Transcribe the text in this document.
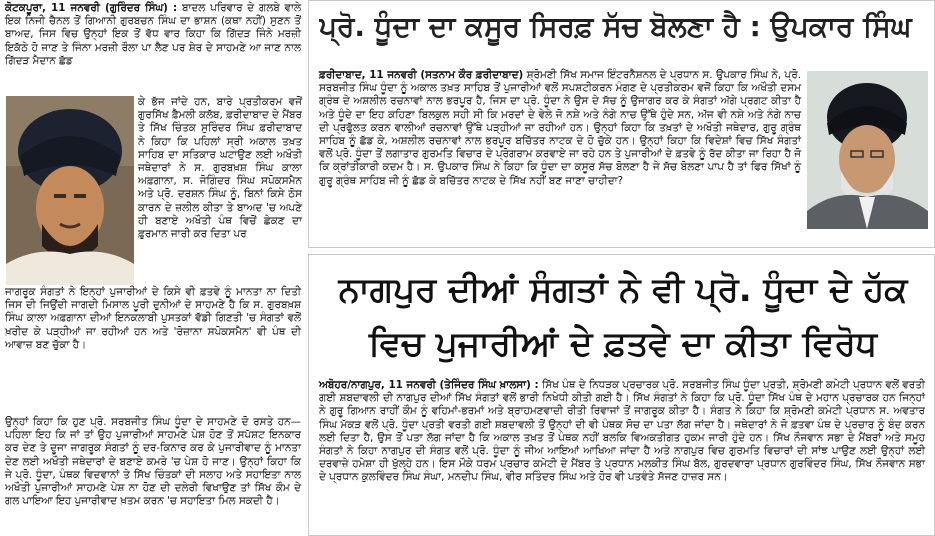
ਕੋਟਕਪੂਰਾ, 11 ਜਨਵਰੀ (ਗੁਰਿੰਦਰ ਸਿੰਘ) : ਬਾਦਲ ਪਰਿਵਾਰ ਦੇ ਗਲਬੇ ਵਾਲੇ ਇਕ ਨਿਜੀ ਚੈਨਲ ਤੋਂ ਗਿਆਨੀ ਗੁਰਬਚਨ ਸਿੰਘ ਦਾ ਭਾਸ਼ਨ (ਕਥਾ ਨਹੀਂ) ਸੁਣਨ ਤੋਂ ਬਾਅਦ, ਜਿਸ ਵਿਚ ਉਨ੍ਹਾਂ ਇਕ ਤੋਂ ਵੱਧ ਵਾਰ ਕਿਹਾ ਕਿ ਗਿੱਦੜ ਜਿੰਨੇ ਮਰਜ਼ੀ ਇਕੱਠੇ ਹੋ ਜਾਣ ਤੇ ਜਿੰਨਾ ਮਰਜ਼ੀ ਰੌਲਾ ਪਾ ਲੈਣ ਪਰ ਸ਼ੇਰ ਦੇ ਸਾਹਮਣੇ ਆ ਜਾਣ ਨਾਲ ਗਿੱਦੜ ਮੈਦਾਨ ਛੱਡ

ਕੇ ਭੱਜ ਜਾਂਦੇ ਹਨ, ਬਾਰੇ ਪ੍ਰਤੀਕਰਮ ਵਜੋਂ ਗੁਰਸਿੱਖ ਫ਼ੈਮਲੀ ਕਲੱਬ, ਫ਼ਰੀਦਾਬਾਦ ਦੇ ਮੈਂਬਰ ਤੇ ਸਿੱਖ ਚਿੰਤਕ ਸੁਰਿੰਦਰ ਸਿੰਘ ਫ਼ਰੀਦਾਬਾਦ ਨੇ ਕਿਹਾ ਕਿ ਪਹਿਲਾਂ ਸ੍ਰੀ ਅਕਾਲ ਤਖ਼ਤ ਸਾਹਿਬ ਦਾ ਸਤਿਕਾਰ ਘਟਾਉਣ ਲਈ ਅਖੌਤੀ ਜਥੇਦਾਰਾਂ ਨੇ ਸ. ਗੁਰਬਖ਼ਸ਼ ਸਿੰਘ ਕਾਲਾ ਅਫ਼ਗਾਨਾ, ਸ. ਜੋਗਿੰਦਰ ਸਿੰਘ ਸਪੋਕਸਮੈਨ ਅਤੇ ਪ੍ਰੋ. ਦਰਸ਼ਨ ਸਿੰਘ ਨੂੰ, ਬਿਨਾਂ ਕਿਸੇ ਠੋਸ ਕਾਰਨ ਦੇ ਜ਼ਲੀਲ ਕੀਤਾ ਤੇ ਬਾਅਦ 'ਚ ਅਪਣੇ ਹੀ ਬਣਾਏ ਅਖੌਤੀ ਪੰਥ ਵਿਚੋਂ ਛੇਕਣ ਦਾ ਫ਼ੁਰਮਾਨ ਜਾਰੀ ਕਰ ਦਿਤਾ ਪਰ

ਜਾਗਰੂਕ ਸੰਗਤਾਂ ਨੇ ਇਨ੍ਹਾਂ ਪੁਜਾਰੀਆਂ ਦੇ ਕਿਸੇ ਵੀ ਫ਼ਤਵੇ ਨੂੰ ਮਾਨਤਾ ਨਾ ਦਿਤੀ ਜਿਸ ਦੀ ਜਿਉਂਦੀ ਜਾਗਦੀ ਮਿਸਾਲ ਪੂਰੀ ਦੁਨੀਆਂ ਦੇ ਸਾਹਮਣੇ ਹੈ ਕਿ ਸ. ਗੁਰਬਖ਼ਸ਼ ਸਿੰਘ ਕਾਲਾ ਅਫ਼ਗਾਨਾ ਦੀਆਂ ਇਨਕਲਾਬੀ ਪੁਸਤਕਾਂ ਵੱਡੀ ਗਿਣਤੀ 'ਚ ਸੰਗਤਾਂ ਵਲੋਂ ਖ਼ਰੀਦ ਕੇ ਪੜ੍ਹੀਆਂ ਜਾ ਰਹੀਆਂ ਹਨ ਅਤੇ 'ਰੋਜ਼ਾਨਾ ਸਪੋਕਸਮੈਨ' ਵੀ ਪੰਥ ਦੀ ਆਵਾਜ਼ ਬਣ ਚੁੱਕਾ ਹੈ।

ਉਨ੍ਹਾਂ ਕਿਹਾ ਕਿ ਹੁਣ ਪ੍ਰੋ. ਸਰਬਜੀਤ ਸਿੰਘ ਧੂੰਦਾ ਦੇ ਸਾਹਮਣੇ ਦੋ ਰਸਤੇ ਹਨ—ਪਹਿਲਾ ਇਹ ਕਿ ਜਾਂ ਤਾਂ ਉਹ ਪੁਜਾਰੀਆਂ ਸਾਹਮਣੇ ਪੇਸ਼ ਹੋਣ ਤੋਂ ਸਪੱਸ਼ਟ ਇਨਕਾਰ ਕਰ ਦੇਣ ਤੇ ਦੂਜਾ ਜਾਗਰੂਕ ਸੰਗਤਾਂ ਨੂੰ ਦਰ-ਕਿਨਾਰ ਕਰ ਕੇ ਪੁਜਾਰੀਵਾਦ ਨੂੰ ਮਾਨਤਾ ਦੇਣ ਲਈ ਅਖੌਤੀ ਜਥੇਦਾਰਾਂ ਦੇ ਬਣਾਏ ਕਮਰੇ 'ਚ ਪੇਸ਼ ਹੋ ਜਾਣ। ਉਨ੍ਹਾਂ ਕਿਹਾ ਕਿ ਜੇ ਪ੍ਰੋ. ਧੂੰਦਾ, ਪੰਥਕ ਵਿਦਵਾਨਾਂ ਤੇ ਸਿੱਖ ਚਿੰਤਕਾਂ ਦੀ ਸਲਾਹ ਅਤੇ ਸਹਾਇਤਾ ਨਾਲ ਅਖੌਤੀ ਪੁਜਾਰੀਆਂ ਸਾਹਮਣੇ ਪੇਸ਼ ਨਾ ਹੋਣ ਦੀ ਦਲੇਰੀ ਵਿਖਾਉਣ ਤਾਂ ਸਿੱਖ ਕੌਮ ਦੇ ਗਲ ਪਾਇਆ ਇਹ ਪੁਜਾਰੀਵਾਦ ਖ਼ਤਮ ਕਰਨ 'ਚ ਸਹਾਇਤਾ ਮਿਲ ਸਕਦੀ ਹੈ।

ਪ੍ਰੋ. ਧੂੰਦਾ ਦਾ ਕਸੂਰ ਸਿਰਫ਼ ਸੱਚ ਬੋਲਣਾ ਹੈ : ਉਪਕਾਰ ਸਿੰਘ

ਫ਼ਰੀਦਾਬਾਦ, 11 ਜਨਵਰੀ (ਸਤਨਾਮ ਕੌਰ ਫ਼ਰੀਦਾਬਾਦ) ਸ਼੍ਰੋਮਣੀ ਸਿੱਖ ਸਮਾਜ ਇੰਟਰਨੈਸ਼ਨਲ ਦੇ ਪ੍ਰਧਾਨ ਸ. ਉਪਕਾਰ ਸਿੰਘ ਨੇ, ਪ੍ਰੋ. ਸਰਬਜੀਤ ਸਿੰਘ ਧੂੰਦਾ ਨੂੰ ਅਕਾਲ ਤਖ਼ਤ ਸਾਹਿਬ ਤੋਂ ਪੁਜਾਰੀਆਂ ਵਲੋਂ ਸਪਸ਼ਟੀਕਰਨ ਮੰਗਣ ਦੇ ਪ੍ਰਤੀਕਰਮ ਵਜੋਂ ਕਿਹਾ ਕਿ ਅਖੌਤੀ ਦਸਮ ਗ੍ਰੰਥ ਦੇ ਅਸ਼ਲੀਲ ਰਚਨਾਵਾਂ ਨਾਲ ਭਰਪੂਰ ਹੈ, ਜਿਸ ਦਾ ਪ੍ਰੋ. ਧੂੰਦਾ ਨੇ ਉਸ ਦੇ ਸੱਚ ਨੂੰ ਉਜਾਗਰ ਕਰ ਕੇ ਸੰਗਤਾਂ ਅੱਗੇ ਪ੍ਰਗਟ ਕੀਤਾ ਹੈ ਅਤੇ ਧੂੰਦੇ ਦਾ ਇਹ ਕਹਿਣਾ ਬਿਲਕੁਲ ਸਹੀ ਸੀ ਕਿ ਮਰਦਾਂ ਦੇ ਵੇਲੇ ਜੋ ਨਸ਼ੇ ਅਤੇ ਨੰਗੇ ਨਾਚ ਉੱਥੇ ਹੁੰਦੇ ਸਨ, ਅੱਜ ਵੀ ਨਸ਼ੇ ਅਤੇ ਨੰਗੇ ਨਾਚ ਦੀ ਪ੍ਰਫੁੱਲਤ ਕਰਨ ਵਾਲੀਆਂ ਰਚਨਾਵਾਂ ਉੱਥੇ ਪੜ੍ਹੀਆਂ ਜਾ ਰਹੀਆਂ ਹਨ। ਉਨ੍ਹਾਂ ਕਿਹਾ ਕਿ ਤਖ਼ਤਾਂ ਦੇ ਅਖੌਤੀ ਜਥੇਦਾਰ, ਗੁਰੂ ਗ੍ਰੰਥ ਸਾਹਿਬ ਨੂੰ ਛੱਡ ਕੇ, ਅਸ਼ਲੀਲ ਰਚਨਾਵਾਂ ਨਾਲ ਭਰਪੂਰ ਬਚਿੱਤਰ ਨਾਟਕ ਦੇ ਹੋ ਚੁੱਕੇ ਹਨ। ਉਨ੍ਹਾਂ ਕਿਹਾ ਕਿ ਵਿਦੇਸ਼ਾਂ ਵਿਚ ਸਿੱਖ ਸੰਗਤਾਂ ਵਲੋਂ ਪ੍ਰੋ. ਧੂੰਦਾ ਤੋਂ ਲਗਾਤਾਰ ਗੁਰਮਤਿ ਵਿਚਾਰ ਦੇ ਪ੍ਰੋਗਰਾਮ ਕਰਵਾਏ ਜਾ ਰਹੇ ਹਨ ਤੇ ਪੁਜਾਰੀਆਂ ਦੇ ਫ਼ਤਵੇ ਨੂੰ ਰੱਦ ਕੀਤਾ ਜਾ ਰਿਹਾ ਹੈ ਜੋ ਕਿ ਕ੍ਰਾਂਤੀਕਾਰੀ ਕਦਮ ਹੈ। ਸ. ਉਪਕਾਰ ਸਿੰਘ ਨੇ ਕਿਹਾ ਕਿ ਧੂੰਦਾ ਦਾ ਕਸੂਰ ਸੱਚ ਬੋਲਣਾ ਹੈ ਜੇ ਸੱਚ ਬੋਲਣਾ ਪਾਪ ਹੈ ਤਾਂ ਫਿਰ ਸਿੱਖਾਂ ਨੂੰ ਗੁਰੂ ਗ੍ਰੰਥ ਸਾਹਿਬ ਜੀ ਨੂੰ ਛੱਡ ਕੇ ਬਚਿੱਤਰ ਨਾਟਕ ਦੇ ਸਿੱਖ ਨਹੀਂ ਬਣ ਜਾਣਾ ਚਾਹੀਦਾ?

ਨਾਗਪੁਰ ਦੀਆਂ ਸੰਗਤਾਂ ਨੇ ਵੀ ਪ੍ਰੋ. ਧੂੰਦਾ ਦੇ ਹੱਕ ਵਿਚ ਪੁਜਾਰੀਆਂ ਦੇ ਫ਼ਤਵੇ ਦਾ ਕੀਤਾ ਵਿਰੋਧ

ਅਬੋਹਰ/ਨਾਗਪੁਰ, 11 ਜਨਵਰੀ (ਤੇਜਿੰਦਰ ਸਿੰਘ ਖ਼ਾਲਸਾ) : ਸਿੱਖ ਪੰਥ ਦੇ ਨਿਧੜਕ ਪ੍ਰਚਾਰਕ ਪ੍ਰੋ. ਸਰਬਜੀਤ ਸਿੰਘ ਧੂੰਦਾ ਪ੍ਰਤੀ, ਸ਼੍ਰੋਮਣੀ ਕਮੇਟੀ ਪ੍ਰਧਾਨ ਵਲੋਂ ਵਰਤੀ ਗਈ ਸ਼ਬਦਾਵਲੀ ਦੀ ਨਾਗਪੁਰ ਦੀਆਂ ਸਿੱਖ ਸੰਗਤਾਂ ਵਲੋਂ ਭਾਰੀ ਨਿਖੇਧੀ ਕੀਤੀ ਗਈ ਹੈ। ਸਿੱਖ ਸੰਗਤਾਂ ਨੇ ਕਿਹਾ ਕਿ ਪ੍ਰੋ. ਧੂੰਦਾ ਸਿੱਖ ਪੰਥ ਦੇ ਮਹਾਨ ਪ੍ਰਚਾਰਕ ਹਨ ਜਿਨ੍ਹਾਂ ਨੇ ਗੁਰੂ ਗਿਆਨ ਰਾਹੀਂ ਕੌਮ ਨੂੰ ਵਹਿਮਾਂ-ਭਰਮਾਂ ਅਤੇ ਬ੍ਰਾਹਮਣਵਾਦੀ ਰੀਤੀ ਰਿਵਾਜਾਂ ਤੋਂ ਜਾਗਰੂਕ ਕੀਤਾ ਹੈ। ਸੰਗਤ ਨੇ ਕਿਹਾ ਕਿ ਸ਼੍ਰੋਮਣੀ ਕਮੇਟੀ ਪ੍ਰਧਾਨ ਸ. ਅਵਤਾਰ ਸਿੰਘ ਮੱਕੜ ਵਲੋਂ ਪ੍ਰੋ. ਧੂੰਦਾ ਪ੍ਰਤੀ ਵਰਤੀ ਗਈ ਸ਼ਬਦਾਵਲੀ ਤੋਂ ਉਨ੍ਹਾਂ ਦੀ ਵੀ ਪੰਥਕ ਸੋਚ ਦਾ ਪਤਾ ਲੱਗ ਜਾਂਦਾ ਹੈ। ਜਥੇਦਾਰਾਂ ਨੇ ਜੋ ਫ਼ਤਵਾ ਪੰਥ ਦੇ ਪ੍ਰਚਾਰ ਨੂੰ ਬੰਦ ਕਰਨ ਲਈ ਦਿਤਾ ਹੈ, ਉਸ ਤੋਂ ਪਤਾ ਲੱਗ ਜਾਂਦਾ ਹੈ ਕਿ ਅਕਾਲ ਤਖ਼ਤ ਤੋਂ ਪੰਥਕ ਨਹੀਂ ਬਲਕਿ ਵਿਅਕਤੀਗਤ ਹੁਕਮ ਜਾਰੀ ਹੁੰਦੇ ਹਨ। ਸਿੱਖ ਨੌਜਵਾਨ ਸਭਾ ਦੇ ਮੈਂਬਰਾਂ ਅਤੇ ਸਮੂਹ ਸੰਗਤਾਂ ਨੇ ਕਿਹਾ ਨਾਗਪੁਰ ਦੀ ਸੰਗਤ ਵਲੋਂ ਪ੍ਰੋ. ਧੂੰਦਾ ਨੂੰ ਜੀਅ ਆਇਆਂ ਆਖਿਆ ਜਾਂਦਾ ਹੈ ਅਤੇ ਨਾਗਪੁਰ ਵਿਚ ਗੁਰਮਤਿ ਵਿਚਾਰਾਂ ਦੀ ਸਾਂਝ ਪਾਉਣ ਲਈ ਉਨ੍ਹਾਂ ਲਈ ਦਰਵਾਜ਼ੇ ਹਮੇਸ਼ਾ ਹੀ ਖੁੱਲ੍ਹੇ ਹਨ। ਇਸ ਮੌਕੇ ਧਰਮ ਪ੍ਰਚਾਰ ਕਮੇਟੀ ਦੇ ਮੈਂਬਰ ਤੇ ਪ੍ਰਧਾਨ ਮਲਕੀਤ ਸਿੰਘ ਬੱਲ, ਗੁਰਦਵਾਰਾ ਪ੍ਰਧਾਨ ਗੁਰਵਿੰਦਰ ਸਿੰਘ, ਸਿੱਖ ਨੌਜਵਾਨ ਸਭਾ ਦੇ ਪ੍ਰਧਾਨ ਕੁਲਵਿੰਦਰ ਸਿੰਘ ਸੰਘਾ, ਮਨਦੀਪ ਸਿੰਘ, ਵੀਰ ਸਤਿੰਦਰ ਸਿੰਘ ਅਤੇ ਹੋਰ ਵੀ ਪਤਵੰਤੇ ਸੱਜਣ ਹਾਜ਼ਰ ਸਨ।
